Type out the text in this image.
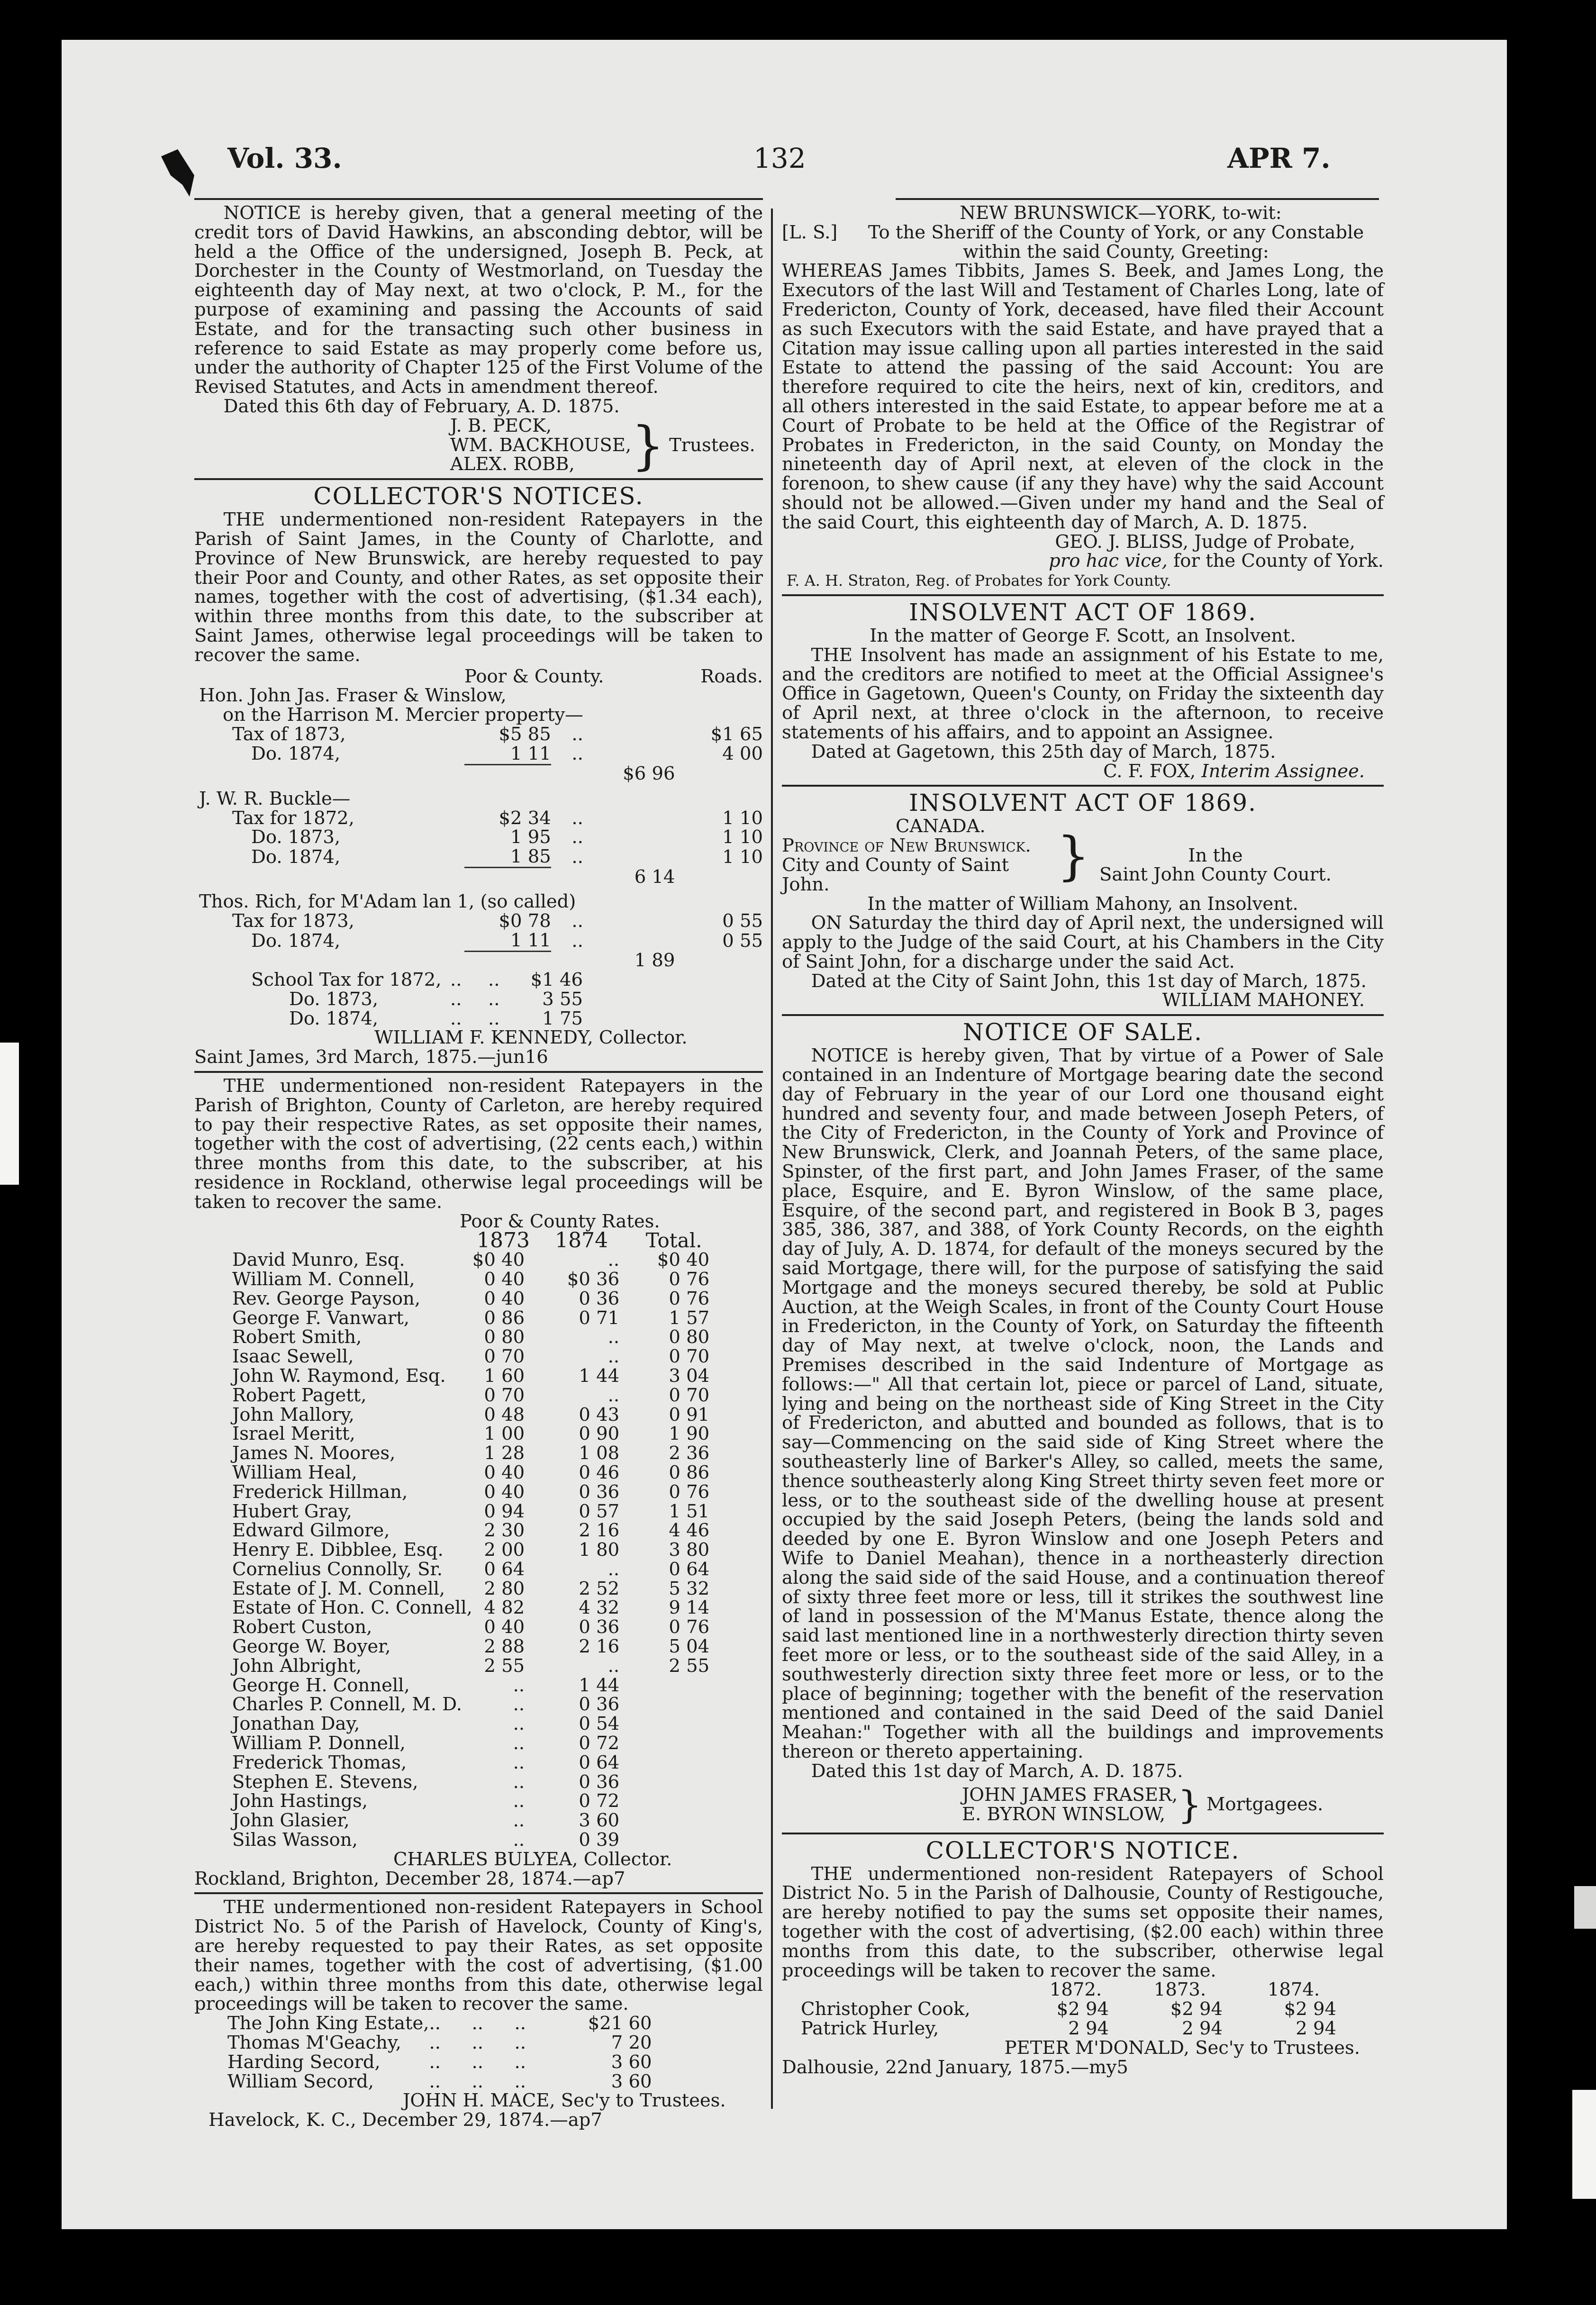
Vol. 33.	132	APR 7.

NOTICE is hereby given, that a general meeting of the credit tors of David Hawkins, an absconding debtor, will be held a the Office of the undersigned, Joseph B. Peck, at Dorchester in the County of Westmorland, on Tuesday the eighteenth day of May next, at two o'clock, P. M., for the purpose of examining and passing the Accounts of said Estate, and for the transacting such other business in reference to said Estate as may properly come before us, under the authority of Chapter 125 of the First Volume of the Revised Statutes, and Acts in amendment thereof.

Dated this 6th day of February, A. D. 1875.

J. B. PECK,
WM. BACKHOUSE,
ALEX. ROBB,	} Trustees.
COLLECTOR'S NOTICES.

THE undermentioned non-resident Ratepayers in the Parish of Saint James, in the County of Charlotte, and Province of New Brunswick, are hereby requested to pay their Poor and County, and other Rates, as set opposite their names, together with the cost of advertising, ($1.34 each), within three months from this date, to the subscriber at Saint James, otherwise legal proceedings will be taken to recover the same.

	Poor & County.			Roads.
Hon. John Jas. Fraser & Winslow,				
on the Harrison M. Mercier property—				
Tax of 1873,	$5 85	..		$1 65
Do. 1874,	1 11	..		4 00
			$6 96	
J. W. R. Buckle—				
Tax for 1872,	$2 34	..		1 10
Do. 1873,	1 95	..		1 10
Do. 1874,	1 85	..		1 10
			6 14	
Thos. Rich, for M'Adam lan 1, (so called)				
Tax for 1873,	$0 78	..		0 55
Do. 1874,	1 11	..		0 55
			1 89	
School Tax for 1872,	..	..	$1 46
Do. 1873,	..	..	3 55
Do. 1874,	..	..	1 75

WILLIAM F. KENNEDY, Collector.

Saint James, 3rd March, 1875.—jun16

THE undermentioned non-resident Ratepayers in the Parish of Brighton, County of Carleton, are hereby required to pay their respective Rates, as set opposite their names, together with the cost of advertising, (22 cents each,) within three months from this date, to the subscriber, at his residence in Rockland, otherwise legal proceedings will be taken to recover the same.

Poor & County Rates.
	1873	1874	Total.
David Munro, Esq.	$0 40	..	$0 40
William M. Connell,	0 40	$0 36	0 76
Rev. George Payson,	0 40	0 36	0 76
George F. Vanwart,	0 86	0 71	1 57
Robert Smith,	0 80	..	0 80
Isaac Sewell,	0 70	..	0 70
John W. Raymond, Esq.	1 60	1 44	3 04
Robert Pagett,	0 70	..	0 70
John Mallory,	0 48	0 43	0 91
Israel Meritt,	1 00	0 90	1 90
James N. Moores,	1 28	1 08	2 36
William Heal,	0 40	0 46	0 86
Frederick Hillman,	0 40	0 36	0 76
Hubert Gray,	0 94	0 57	1 51
Edward Gilmore,	2 30	2 16	4 46
Henry E. Dibblee, Esq.	2 00	1 80	3 80
Cornelius Connolly, Sr.	0 64	..	0 64
Estate of J. M. Connell,	2 80	2 52	5 32
Estate of Hon. C. Connell,	4 82	4 32	9 14
Robert Custon,	0 40	0 36	0 76
George W. Boyer,	2 88	2 16	5 04
John Albright,	2 55	..	2 55
George H. Connell,	..	1 44	
Charles P. Connell, M. D.	..	0 36	
Jonathan Day,	..	0 54	
William P. Donnell,	..	0 72	
Frederick Thomas,	..	0 64	
Stephen E. Stevens,	..	0 36	
John Hastings,	..	0 72	
John Glasier,	..	3 60	
Silas Wasson,	..	0 39	

CHARLES BULYEA, Collector.

Rockland, Brighton, December 28, 1874.—ap7

THE undermentioned non-resident Ratepayers in School District No. 5 of the Parish of Havelock, County of King's, are hereby requested to pay their Rates, as set opposite their names, together with the cost of advertising, ($1.00 each,) within three months from this date, otherwise legal proceedings will be taken to recover the same.

The John King Estate,	..	..	..	$21 60
Thomas M'Geachy,	..	..	..	7 20
Harding Secord,	..	..	..	3 60
William Secord,	..	..	..	3 60

JOHN H. MACE, Sec'y to Trustees.

Havelock, K. C., December 29, 1874.—ap7

NEW BRUNSWICK—YORK, to-wit:

[L. S.]	To the Sheriff of the County of York, or any Constable within the said County, Greeting:

WHEREAS James Tibbits, James S. Beek, and James Long, the Executors of the last Will and Testament of Charles Long, late of Fredericton, County of York, deceased, have filed their Account as such Executors with the said Estate, and have prayed that a Citation may issue calling upon all parties interested in the said Estate to attend the passing of the said Account: You are therefore required to cite the heirs, next of kin, creditors, and all others interested in the said Estate, to appear before me at a Court of Probate to be held at the Office of the Registrar of Probates in Fredericton, in the said County, on Monday the nineteenth day of April next, at eleven of the clock in the forenoon, to shew cause (if any they have) why the said Account should not be allowed.—Given under my hand and the Seal of the said Court, this eighteenth day of March, A. D. 1875.

GEO. J. BLISS, Judge of Probate,

pro hac vice, for the County of York.

F. A. H. Straton, Reg. of Probates for York County.

INSOLVENT ACT OF 1869.

In the matter of George F. Scott, an Insolvent.

THE Insolvent has made an assignment of his Estate to me, and the creditors are notified to meet at the Official Assignee's Office in Gagetown, Queen's County, on Friday the sixteenth day of April next, at three o'clock in the afternoon, to receive statements of his affairs, and to appoint an Assignee.

Dated at Gagetown, this 25th day of March, 1875.

C. F. FOX, Interim Assignee.

INSOLVENT ACT OF 1869.

CANADA.

Province of New Brunswick.
City and County of Saint John.	}	In the
Saint John County Court.

In the matter of William Mahony, an Insolvent.

ON Saturday the third day of April next, the undersigned will apply to the Judge of the said Court, at his Chambers in the City of Saint John, for a discharge under the said Act.

Dated at the City of Saint John, this 1st day of March, 1875.

WILLIAM MAHONEY.

NOTICE OF SALE.

NOTICE is hereby given, That by virtue of a Power of Sale contained in an Indenture of Mortgage bearing date the second day of February in the year of our Lord one thousand eight hundred and seventy four, and made between Joseph Peters, of the City of Fredericton, in the County of York and Province of New Brunswick, Clerk, and Joannah Peters, of the same place, Spinster, of the first part, and John James Fraser, of the same place, Esquire, and E. Byron Winslow, of the same place, Esquire, of the second part, and registered in Book B 3, pages 385, 386, 387, and 388, of York County Records, on the eighth day of July, A. D. 1874, for default of the moneys secured by the said Mortgage, there will, for the purpose of satisfying the said Mortgage and the moneys secured thereby, be sold at Public Auction, at the Weigh Scales, in front of the County Court House in Fredericton, in the County of York, on Saturday the fifteenth day of May next, at twelve o'clock, noon, the Lands and Premises described in the said Indenture of Mortgage as follows:—" All that certain lot, piece or parcel of Land, situate, lying and being on the northeast side of King Street in the City of Fredericton, and abutted and bounded as follows, that is to say—Commencing on the said side of King Street where the southeasterly line of Barker's Alley, so called, meets the same, thence southeasterly along King Street thirty seven feet more or less, or to the southeast side of the dwelling house at present occupied by the said Joseph Peters, (being the lands sold and deeded by one E. Byron Winslow and one Joseph Peters and Wife to Daniel Meahan), thence in a northeasterly direction along the said side of the said House, and a continuation thereof of sixty three feet more or less, till it strikes the southwest line of land in possession of the M'Manus Estate, thence along the said last mentioned line in a northwesterly direction thirty seven feet more or less, or to the southeast side of the said Alley, in a southwesterly direction sixty three feet more or less, or to the place of beginning; together with the benefit of the reservation mentioned and contained in the said Deed of the said Daniel Meahan:" Together with all the buildings and improvements thereon or thereto appertaining.

Dated this 1st day of March, A. D. 1875.

JOHN JAMES FRASER,
E. BYRON WINSLOW, } Mortgagees.
COLLECTOR'S NOTICE.

THE undermentioned non-resident Ratepayers of School District No. 5 in the Parish of Dalhousie, County of Restigouche, are hereby notified to pay the sums set opposite their names, together with the cost of advertising, ($2.00 each) within three months from this date, to the subscriber, otherwise legal proceedings will be taken to recover the same.

	1872.	1873.	1874.
Christopher Cook,	$2 94	$2 94	$2 94
Patrick Hurley,	2 94	2 94	2 94

PETER M'DONALD, Sec'y to Trustees.

Dalhousie, 22nd January, 1875.—my5
